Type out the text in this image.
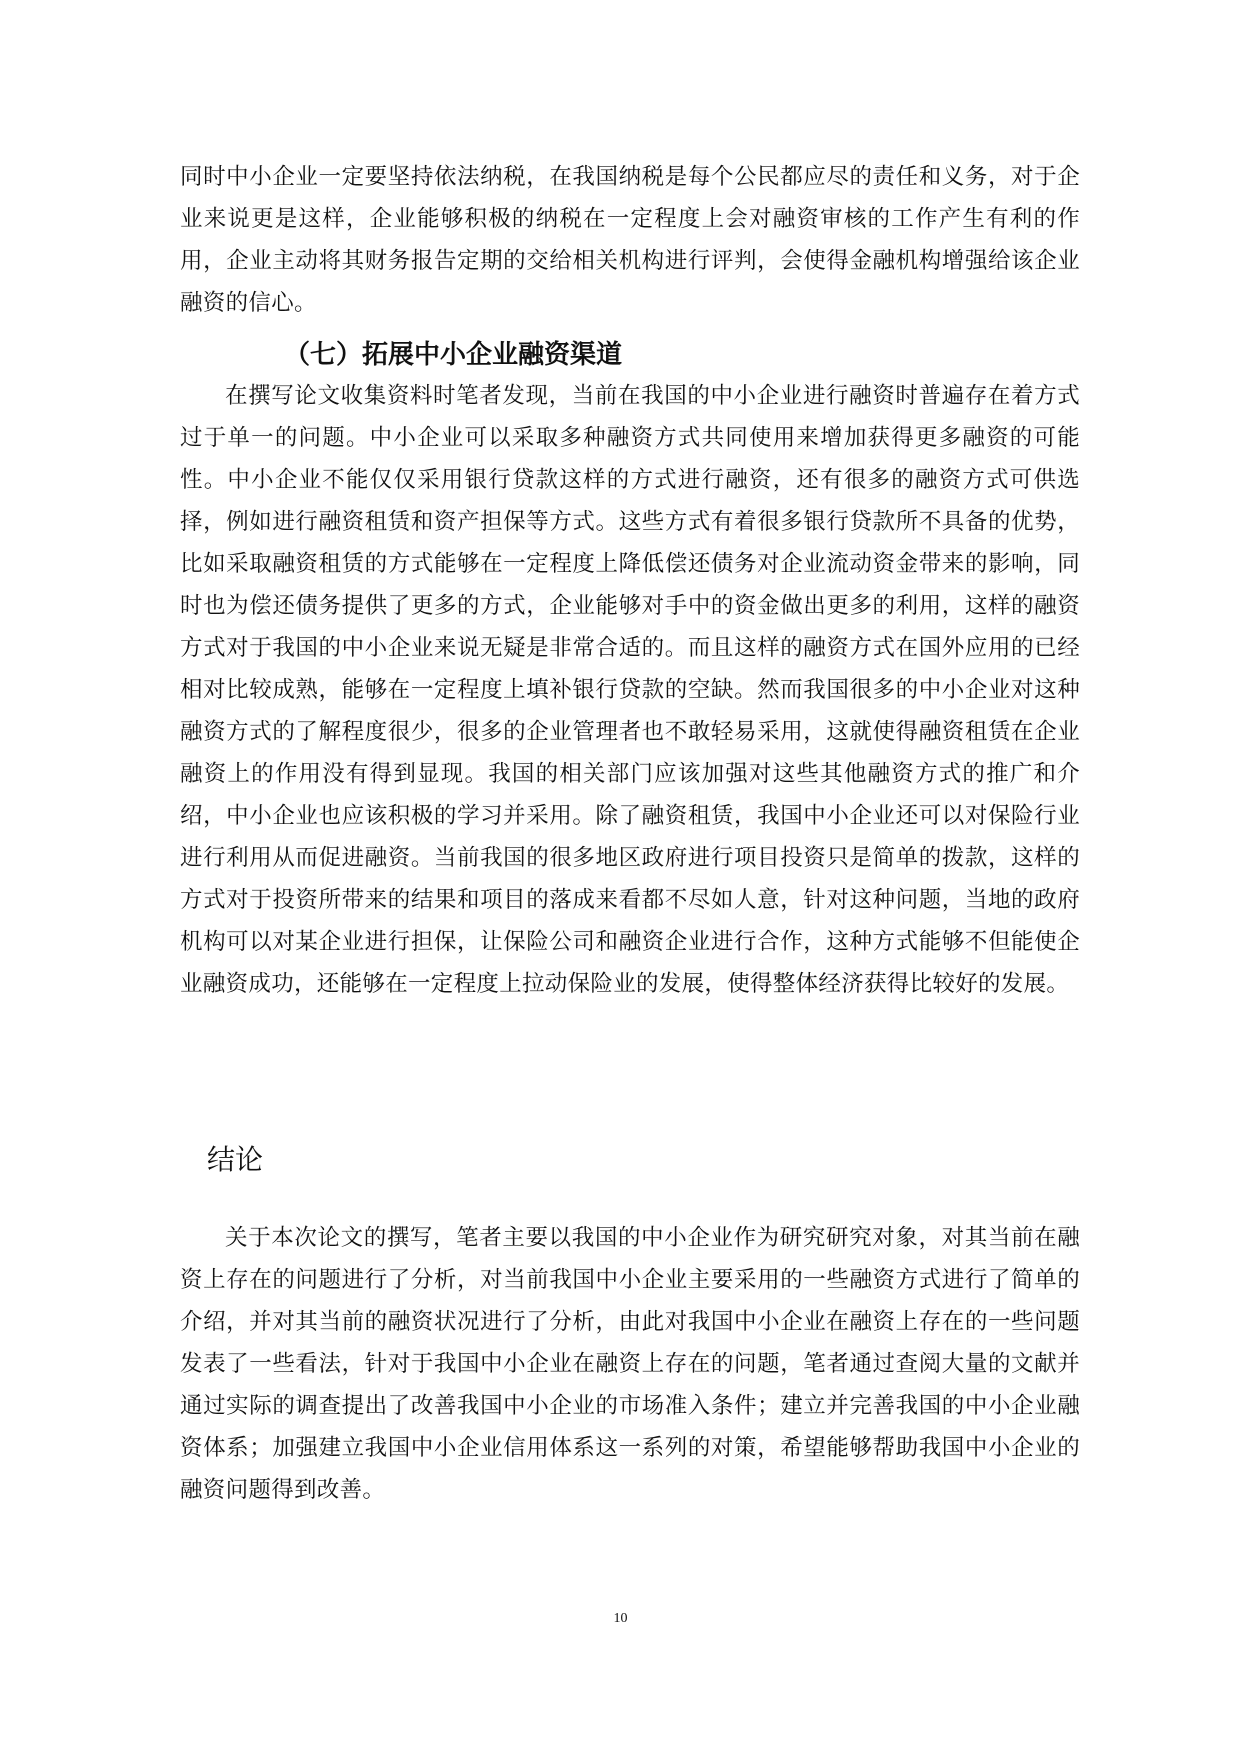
同时中小企业一定要坚持依法纳税，在我国纳税是每个公民都应尽的责任和义务，对于企业来说更是这样，企业能够积极的纳税在一定程度上会对融资审核的工作产生有利的作用，企业主动将其财务报告定期的交给相关机构进行评判，会使得金融机构增强给该企业融资的信心。

（七）拓展中小企业融资渠道

在撰写论文收集资料时笔者发现，当前在我国的中小企业进行融资时普遍存在着方式过于单一的问题。中小企业可以采取多种融资方式共同使用来增加获得更多融资的可能性。中小企业不能仅仅采用银行贷款这样的方式进行融资，还有很多的融资方式可供选择，例如进行融资租赁和资产担保等方式。这些方式有着很多银行贷款所不具备的优势，比如采取融资租赁的方式能够在一定程度上降低偿还债务对企业流动资金带来的影响，同时也为偿还债务提供了更多的方式，企业能够对手中的资金做出更多的利用，这样的融资方式对于我国的中小企业来说无疑是非常合适的。而且这样的融资方式在国外应用的已经相对比较成熟，能够在一定程度上填补银行贷款的空缺。然而我国很多的中小企业对这种融资方式的了解程度很少，很多的企业管理者也不敢轻易采用，这就使得融资租赁在企业融资上的作用没有得到显现。我国的相关部门应该加强对这些其他融资方式的推广和介绍，中小企业也应该积极的学习并采用。除了融资租赁，我国中小企业还可以对保险行业进行利用从而促进融资。当前我国的很多地区政府进行项目投资只是简单的拨款，这样的方式对于投资所带来的结果和项目的落成来看都不尽如人意，针对这种问题，当地的政府机构可以对某企业进行担保，让保险公司和融资企业进行合作，这种方式能够不但能使企业融资成功，还能够在一定程度上拉动保险业的发展，使得整体经济获得比较好的发展。

结论

关于本次论文的撰写，笔者主要以我国的中小企业作为研究研究对象，对其当前在融资上存在的问题进行了分析，对当前我国中小企业主要采用的一些融资方式进行了简单的介绍，并对其当前的融资状况进行了分析，由此对我国中小企业在融资上存在的一些问题发表了一些看法，针对于我国中小企业在融资上存在的问题，笔者通过查阅大量的文献并通过实际的调查提出了改善我国中小企业的市场准入条件；建立并完善我国的中小企业融资体系；加强建立我国中小企业信用体系这一系列的对策，希望能够帮助我国中小企业的融资问题得到改善。

10
